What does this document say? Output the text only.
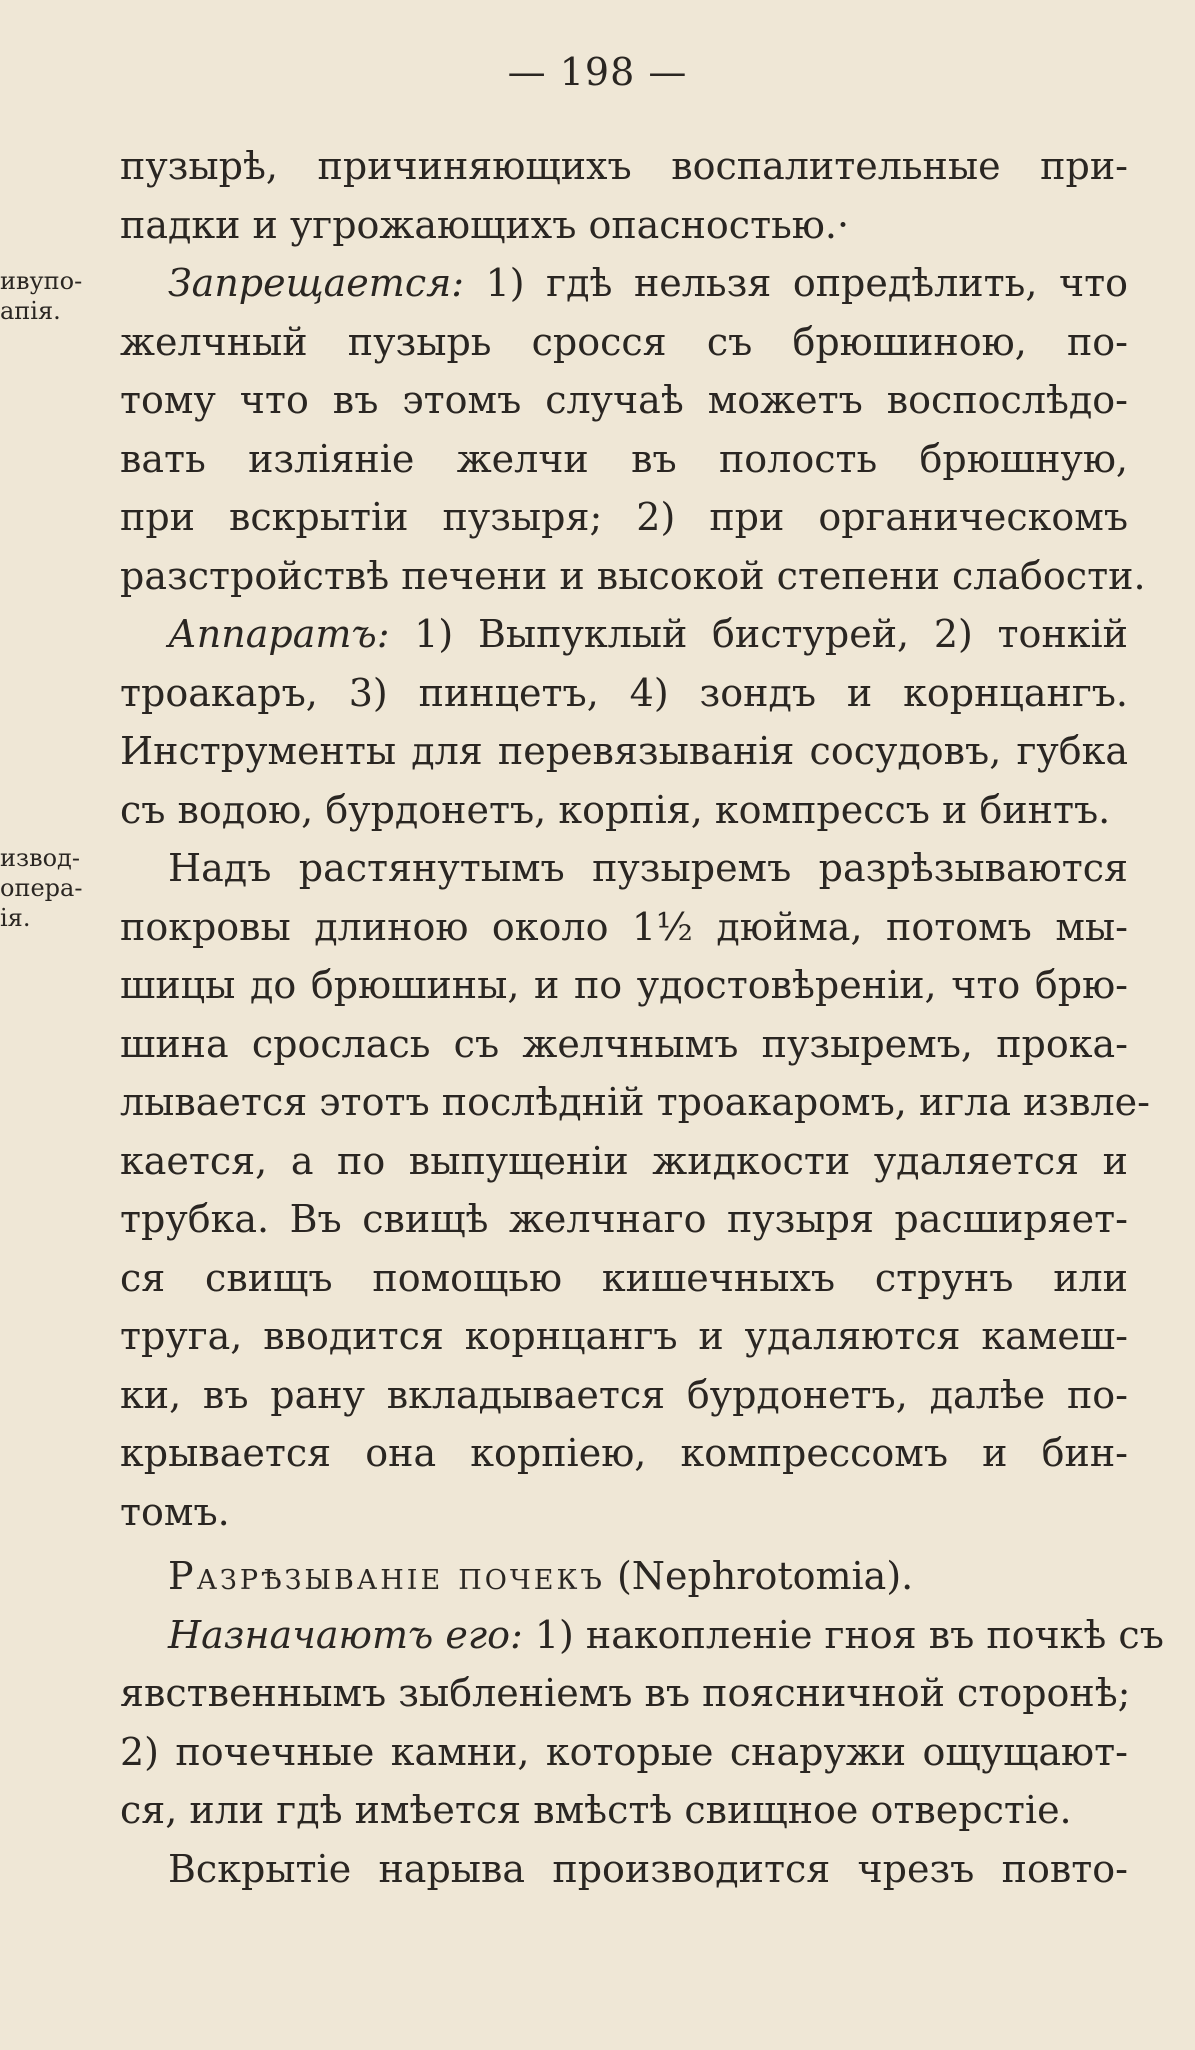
— 198 —
ивупо-
апія.
извод-
опера-
ія.
пузырѣ, причиняющихъ воспалительные при-
падки и угрожающихъ опасностью.·
Запрещается: 1) гдѣ нельзя опредѣлить, что
желчный пузырь сросся съ брюшиною, по-
тому что въ этомъ случаѣ можетъ воспослѣдо-
вать изліяніе желчи въ полость брюшную,
при вскрытіи пузыря; 2) при органическомъ
разстройствѣ печени и высокой степени слабости.
Аппаратъ: 1) Выпуклый бистурей, 2) тонкій
троакаръ, 3) пинцетъ, 4) зондъ и корнцангъ.
Инструменты для перевязыванія сосудовъ, губка
съ водою, бурдонетъ, корпія, компрессъ и бинтъ.
Надъ растянутымъ пузыремъ разрѣзываются
покровы длиною около 1½ дюйма, потомъ мы-
шицы до брюшины, и по удостовѣреніи, что брю-
шина срослась съ желчнымъ пузыремъ, прока-
лывается этотъ послѣдній троакаромъ, игла извле-
кается, а по выпущеніи жидкости удаляется и
трубка. Въ свищѣ желчнаго пузыря расширяет-
ся свищъ помощью кишечныхъ струнъ или
труга, вводится корнцангъ и удаляются камеш-
ки, въ рану вкладывается бурдонетъ, далѣе по-
крывается она корпіею, компрессомъ и бин-
томъ.
Разрѣзываніе почекъ (Nephrotomia).
Назначаютъ его: 1) накопленіе гноя въ почкѣ съ
явственнымъ зыбленіемъ въ поясничной сторонѣ;
2) почечные камни, которые снаружи ощущают-
ся, или гдѣ имѣется вмѣстѣ свищное отверстіе.
Вскрытіе нарыва производится чрезъ повто-
